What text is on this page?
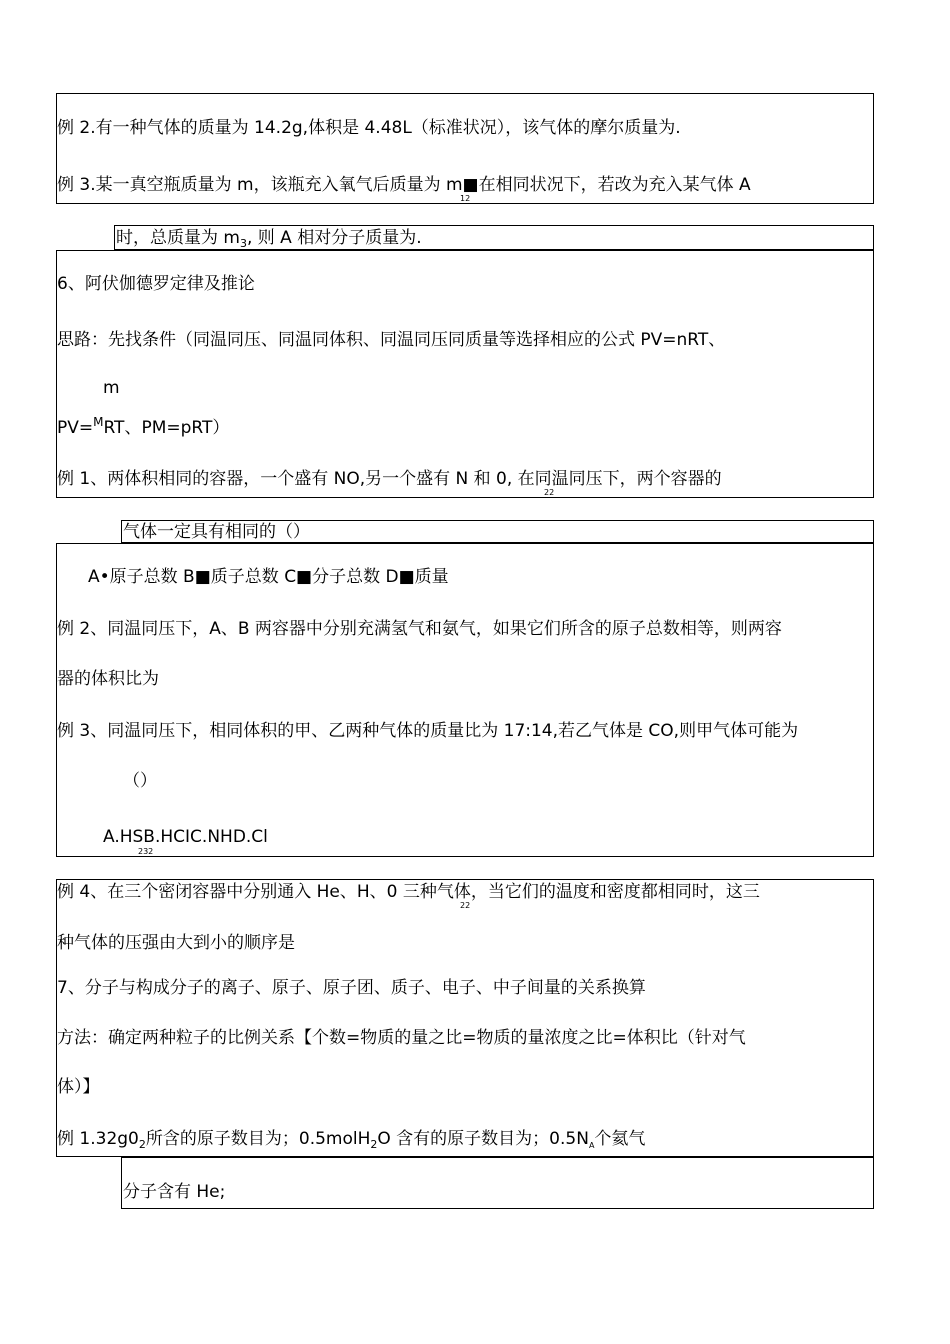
例 2.有一种气体的质量为 14.2g,体积是 4.48L（标准状况），该气体的摩尔质量为.
例 3.某一真空瓶质量为 m，该瓶充入氧气后质量为 m■在相同状况下，若改为充入某气体 A
12
时，总质量为 $m_3$, 则 A 相对分子质量为.
6、阿伏伽德罗定律及推论
思路：先找条件（同温同压、同温同体积、同温同压同质量等选择相应的公式 PV=nRT、
m
PV=$^M$RT、PM=pRT）
例 1、两体积相同的容器，一个盛有 NO,另一个盛有 N 和 0, 在同温同压下，两个容器的
22
气体一定具有相同的（）
A•原子总数 B■质子总数 C■分子总数 D■质量
例 2、同温同压下，A、B 两容器中分别充满氢气和氨气，如果它们所含的原子总数相等，则两容
器的体积比为
例 3、同温同压下，相同体积的甲、乙两种气体的质量比为 17:14,若乙气体是 CO,则甲气体可能为
（）
A.HSB.HCIC.NHD.Cl
232
例 4、在三个密闭容器中分别通入 He、H、0 三种气体，当它们的温度和密度都相同时，这三
22
种气体的压强由大到小的顺序是
7、分子与构成分子的离子、原子、原子团、质子、电子、中子间量的关系换算
方法：确定两种粒子的比例关系【个数=物质的量之比=物质的量浓度之比=体积比（针对气
体）】
例 $1.32g0_2$所含的原子数目为；0.5molH$_2$O 含有的原子数目为；$0.5N_A$个氦气
分子含有 He;
